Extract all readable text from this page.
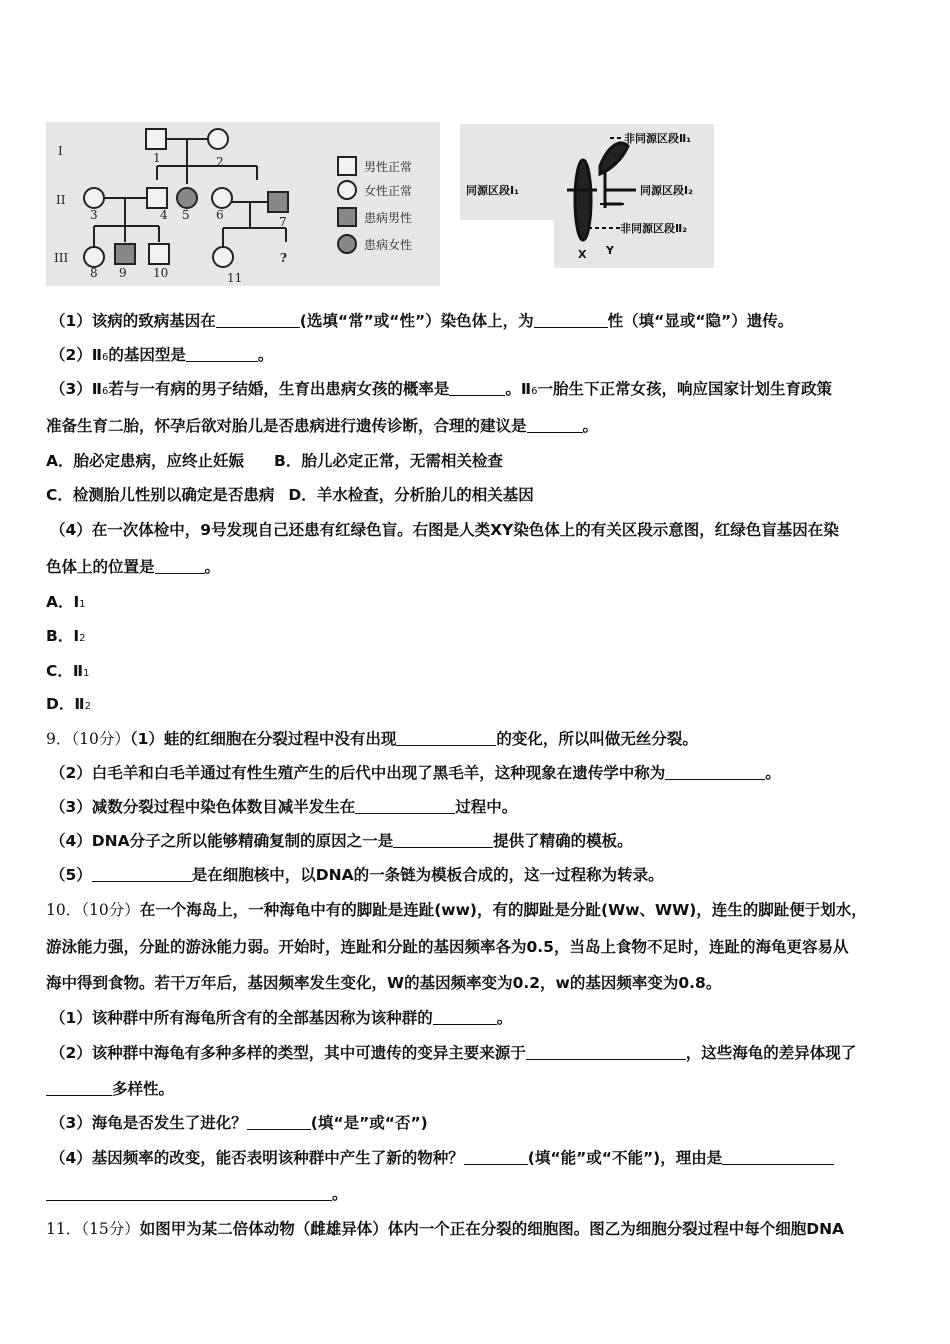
I
II
III
1	2
3	4 5 6	7
8 9 10	11
?
男性正常
女性正常
患病男性
患病女性
非同源区段Ⅱ₁
同源区段Ⅰ₁	同源区段Ⅰ₂
非同源区段Ⅱ₂
X Y
（1）该病的致病基因在	(选填“常”或“性”）染色体上，为	性（填“显或“隐”）遗传。
（2）Ⅱ6的基因型是	。
（3）Ⅱ6若与一有病的男子结婚，生育出患病女孩的概率是	。Ⅱ6一胎生下正常女孩，响应国家计划生育政策
准备生育二胎，怀孕后欲对胎儿是否患病进行遗传诊断，合理的建议是	。
A．胎必定患病，应终止妊娠 B．胎儿必定正常，无需相关检查
C．检测胎儿性别以确定是否患病 D．羊水检查，分析胎儿的相关基因
（4）在一次体检中，9号发现自己还患有红绿色盲。右图是人类XY染色体上的有关区段示意图，红绿色盲基因在染
色体上的位置是	。
A．Ⅰ1
B．Ⅰ2
C．Ⅱ1
D．Ⅱ2
9．（10分）（1）蛙的红细胞在分裂过程中没有出现	的变化，所以叫做无丝分裂。
（2）白毛羊和白毛羊通过有性生殖产生的后代中出现了黑毛羊，这种现象在遗传学中称为	。
（3）减数分裂过程中染色体数目减半发生在	过程中。
（4）DNA分子之所以能够精确复制的原因之一是	提供了精确的模板。
（5）	是在细胞核中，以DNA的一条链为模板合成的，这一过程称为转录。
10．（10分）在一个海岛上，一种海龟中有的脚趾是连趾(ww)，有的脚趾是分趾(Ww、WW)，连生的脚趾便于划水，
游泳能力强，分趾的游泳能力弱。开始时，连趾和分趾的基因频率各为0.5，当岛上食物不足时，连趾的海龟更容易从
海中得到食物。若干万年后，基因频率发生变化，W的基因频率变为0.2，w的基因频率变为0.8。
（1）该种群中所有海龟所含有的全部基因称为该种群的	。
（2）该种群中海龟有多种多样的类型，其中可遗传的变异主要来源于	，这些海龟的差异体现了
多样性。
（3）海龟是否发生了进化？	(填“是”或“否”)
（4）基因频率的改变，能否表明该种群中产生了新的物种？	(填“能”或“不能”)，理由是
。
11．（15分）如图甲为某二倍体动物（雌雄异体）体内一个正在分裂的细胞图。图乙为细胞分裂过程中每个细胞DNA
